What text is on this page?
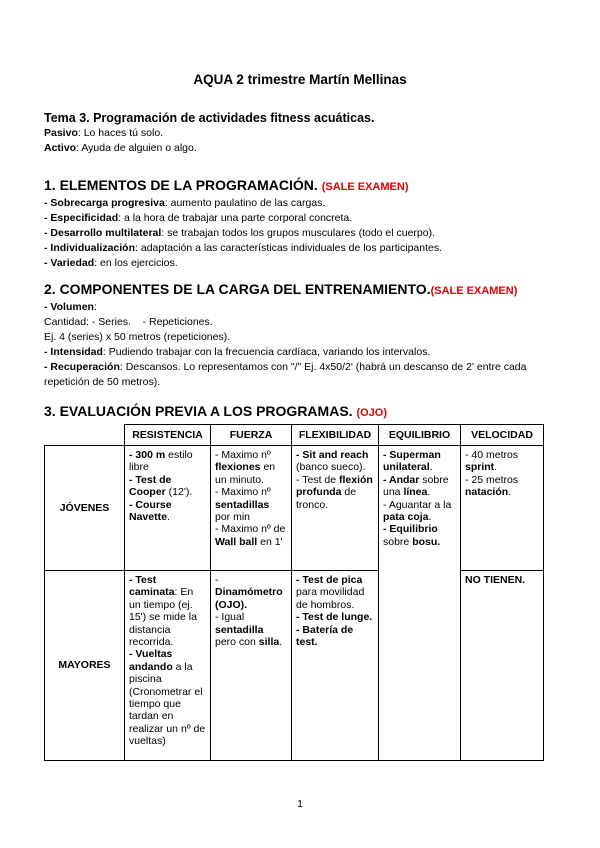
AQUA 2 trimestre Martín Mellinas

Tema 3. Programación de actividades fitness acuáticas.

Pasivo: Lo haces tú solo.

Activo: Ayuda de alguien o algo.

1. ELEMENTOS DE LA PROGRAMACIÓN. (SALE EXAMEN)

- Sobrecarga progresiva: aumento paulatino de las cargas.

- Especificidad: a la hora de trabajar una parte corporal concreta.

- Desarrollo multilateral: se trabajan todos los grupos musculares (todo el cuerpo).

- Individualización: adaptación a las características individuales de los participantes.

- Variedad: en los ejercicios.

2. COMPONENTES DE LA CARGA DEL ENTRENAMIENTO.(SALE EXAMEN)

- Volumen:

Cantidad: - Series.    - Repeticiones.

Ej. 4 (series) x 50 metros (repeticiones).

- Intensidad: Pudiendo trabajar con la frecuencia cardíaca, variando los intervalos.

- Recuperación: Descansos. Lo representamos con "/" Ej. 4x50/2' (habrá un descanso de 2' entre cada

repetición de 50 metros).

3. EVALUACIÓN PREVIA A LOS PROGRAMAS. (OJO)

	RESISTENCIA	FUERZA	FLEXIBILIDAD	EQUILIBRIO	VELOCIDAD
JÓVENES	- 300 m estilo libre
- Test de Cooper (12').
- Course Navette.	- Maximo nº flexiones en un minuto.
- Maximo nº sentadillas por min
- Maximo nº de Wall ball en 1'	- Sit and reach (banco sueco).
- Test de flexión profunda de tronco.	- Superman unilateral.
- Andar sobre una línea.
- Aguantar a la pata coja.
- Equilibrio
sobre bosu.	- 40 metros sprint.
- 25 metros natación.
MAYORES	- Test caminata: En un tiempo (ej. 15') se mide la distancia recorrida.
- Vueltas andando a la piscina (Cronometrar el tiempo que tardan en realizar un nº de vueltas)	-
Dinamómetro (OJO).
- Igual sentadilla pero con silla.	- Test de pica para movilidad de hombros.
- Test de lunge.
- Batería de test.		NO TIENEN.
1
